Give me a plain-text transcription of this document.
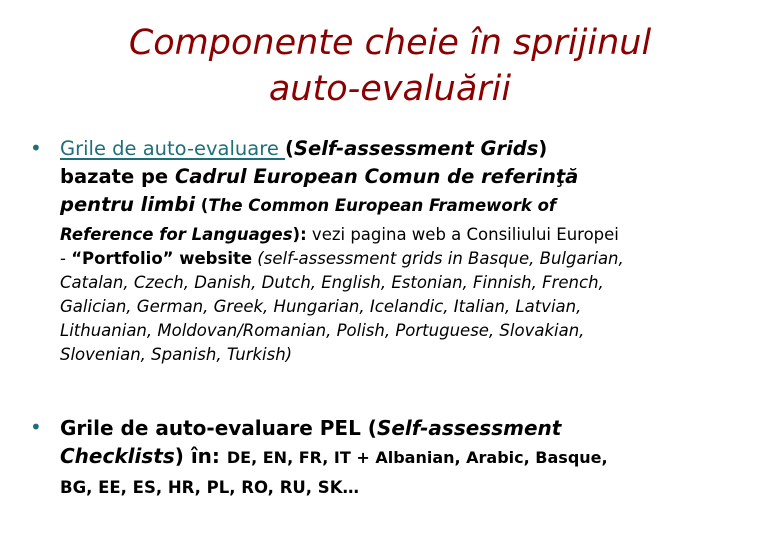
Componente cheie în sprijinul
auto-evaluării
• Grile de auto-evaluare (Self-assessment Grids)
bazate pe Cadrul European Comun de referinţă
pentru limbi (The Common European Framework of
Reference for Languages): vezi pagina web a Consiliului Europei
- “Portfolio” website (self-assessment grids in Basque, Bulgarian,
Catalan, Czech, Danish, Dutch, English, Estonian, Finnish, French,
Galician, German, Greek, Hungarian, Icelandic, Italian, Latvian,
Lithuanian, Moldovan/Romanian, Polish, Portuguese, Slovakian,
Slovenian, Spanish, Turkish)
• Grile de auto-evaluare PEL (Self-assessment
Checklists) în: DE, EN, FR, IT + Albanian, Arabic, Basque,
BG, EE, ES, HR, PL, RO, RU, SK…
